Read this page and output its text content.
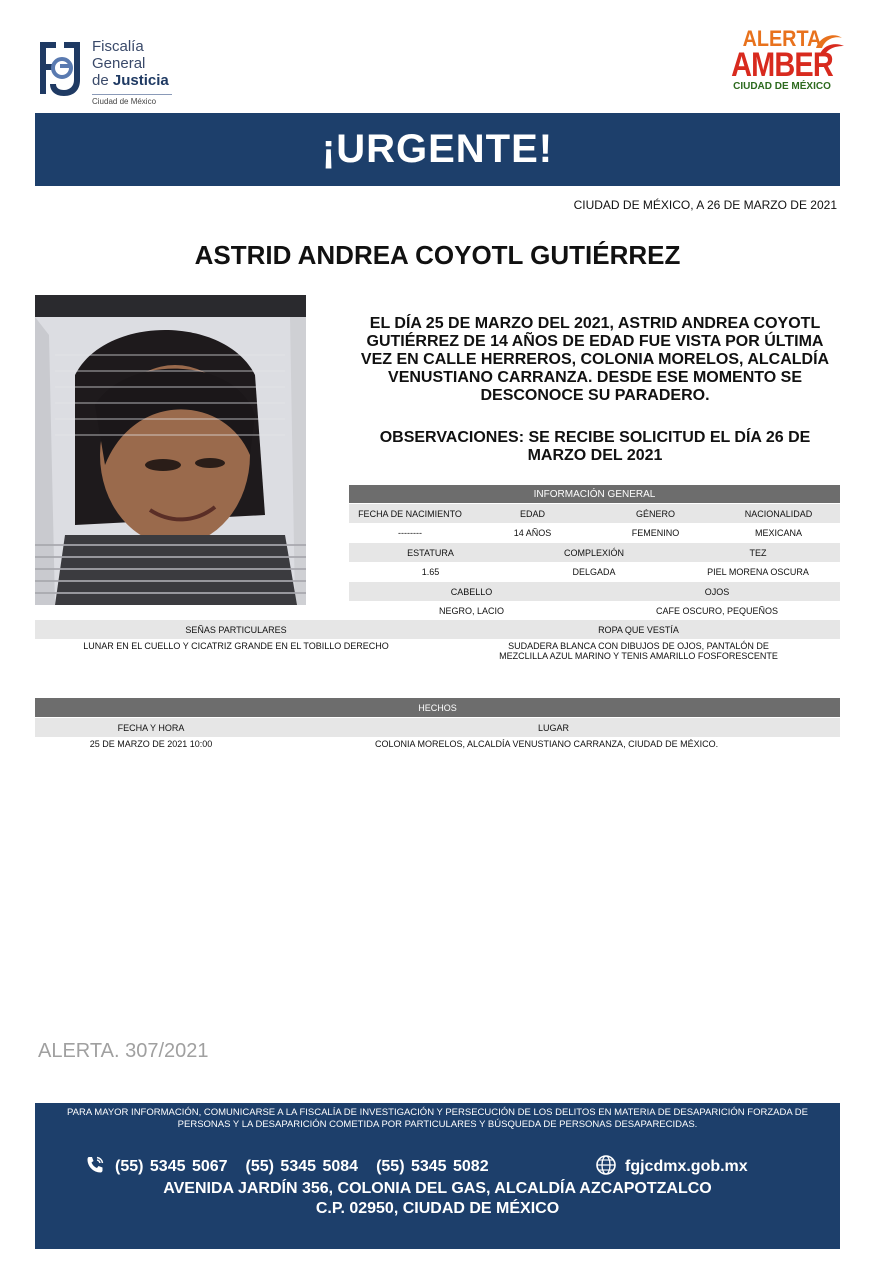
Fiscalía
General
de Justicia
Ciudad de México
ALERTA
AMBER
CIUDAD DE MÉXICO
¡URGENTE!
CIUDAD DE MÉXICO, A 26 DE MARZO DE 2021
ASTRID ANDREA COYOTL GUTIÉRREZ
EL DÍA 25 DE MARZO DEL 2021, ASTRID ANDREA COYOTL GUTIÉRREZ DE 14 AÑOS DE EDAD FUE VISTA POR ÚLTIMA VEZ EN CALLE HERREROS, COLONIA MORELOS, ALCALDÍA VENUSTIANO CARRANZA. DESDE ESE MOMENTO SE DESCONOCE SU PARADERO.
OBSERVACIONES: SE RECIBE SOLICITUD EL DÍA 26 DE MARZO DEL 2021
INFORMACIÓN GENERAL
FECHA DE NACIMIENTO	EDAD	GÉNERO	NACIONALIDAD
--------	14 AÑOS	FEMENINO	MEXICANA
ESTATURA	COMPLEXIÓN	TEZ
1.65	DELGADA	PIEL MORENA OSCURA
CABELLO	OJOS
NEGRO, LACIO	CAFE OSCURO, PEQUEÑOS
SEÑAS PARTICULARES	ROPA QUE VESTÍA
LUNAR EN EL CUELLO Y CICATRIZ GRANDE EN EL TOBILLO DERECHO	SUDADERA BLANCA CON DIBUJOS DE OJOS, PANTALÓN DE MEZCLILLA AZUL MARINO Y TENIS AMARILLO FOSFORESCENTE
HECHOS
FECHA Y HORA	LUGAR
25 DE MARZO DE 2021 10:00	COLONIA MORELOS, ALCALDÍA VENUSTIANO CARRANZA, CIUDAD DE MÉXICO.
ALERTA. 307/2021
PARA MAYOR INFORMACIÓN, COMUNICARSE A LA FISCALÍA DE INVESTIGACIÓN Y PERSECUCIÓN DE LOS DELITOS EN MATERIA DE DESAPARICIÓN FORZADA DE PERSONAS Y LA DESAPARICIÓN COMETIDA POR PARTICULARES Y BÚSQUEDA DE PERSONAS DESAPARECIDAS.
(55) 5345 5067 (55) 5345 5084 (55) 5345 5082	fgjcdmx.gob.mx
AVENIDA JARDÍN 356, COLONIA DEL GAS, ALCALDÍA AZCAPOTZALCO
C.P. 02950, CIUDAD DE MÉXICO
